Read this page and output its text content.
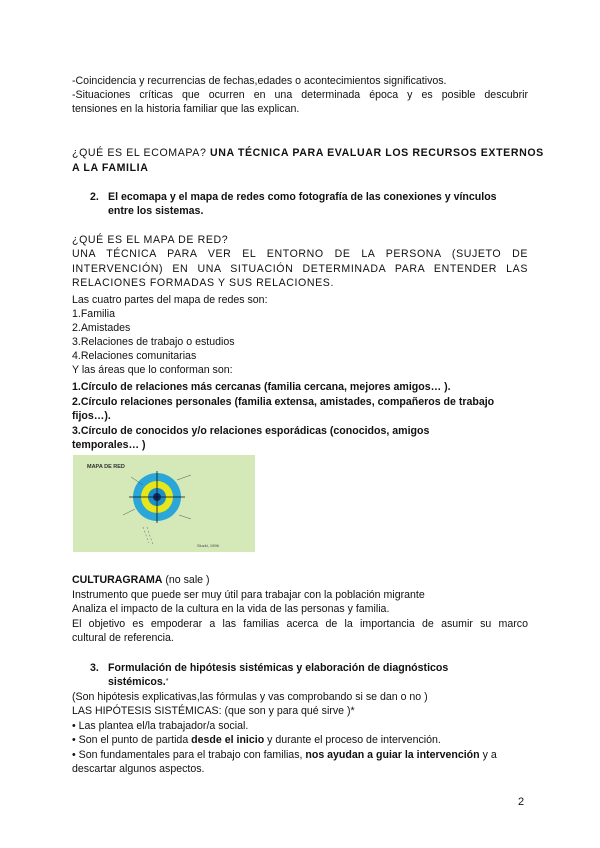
-Coincidencia y recurrencias de fechas,edades o acontecimientos significativos.
-Situaciones críticas que ocurren en una determinada época y es posible descubrir
tensiones en la historia familiar que las explican.
¿QUÉ ES EL ECOMAPA? UNA TÉCNICA PARA EVALUAR LOS RECURSOS EXTERNOS
A LA FAMILIA
2. El ecomapa y el mapa de redes como fotografía de las conexiones y vínculos
entre los sistemas.
¿QUÉ ES EL MAPA DE RED?
UNA TÉCNICA PARA VER EL ENTORNO DE LA PERSONA (SUJETO DE
INTERVENCIÓN) EN UNA SITUACIÓN DETERMINADA PARA ENTENDER LAS
RELACIONES FORMADAS Y SUS RELACIONES.
Las cuatro partes del mapa de redes son:
1.Familia
2.Amistades
3.Relaciones de trabajo o estudios
4.Relaciones comunitarias
Y las áreas que lo conforman son:
1.Círculo de relaciones más cercanas (familia cercana, mejores amigos… ).
2.Círculo relaciones personales (familia extensa, amistades, compañeros de trabajo
fijos…).
3.Círculo de conocidos y/o relaciones esporádicas (conocidos, amigos
temporales… )
MAPA DE RED
Sluzki, 1996
CULTURAGRAMA (no sale )
Instrumento que puede ser muy útil para trabajar con la población migrante
Analiza el impacto de la cultura en la vida de las personas y familia.
El objetivo es empoderar a las familias acerca de la importancia de asumir su marco
cultural de referencia.
3. Formulación de hipótesis sistémicas y elaboración de diagnósticos
sistémicos.*
(Son hipótesis explicativas,las fórmulas y vas comprobando si se dan o no )
LAS HIPÓTESIS SISTÉMICAS: (que son y para qué sirve )*
• Las plantea el/la trabajador/a social.
• Son el punto de partida desde el inicio y durante el proceso de intervención.
• Son fundamentales para el trabajo con familias, nos ayudan a guiar la intervención y a
descartar algunos aspectos.
2
